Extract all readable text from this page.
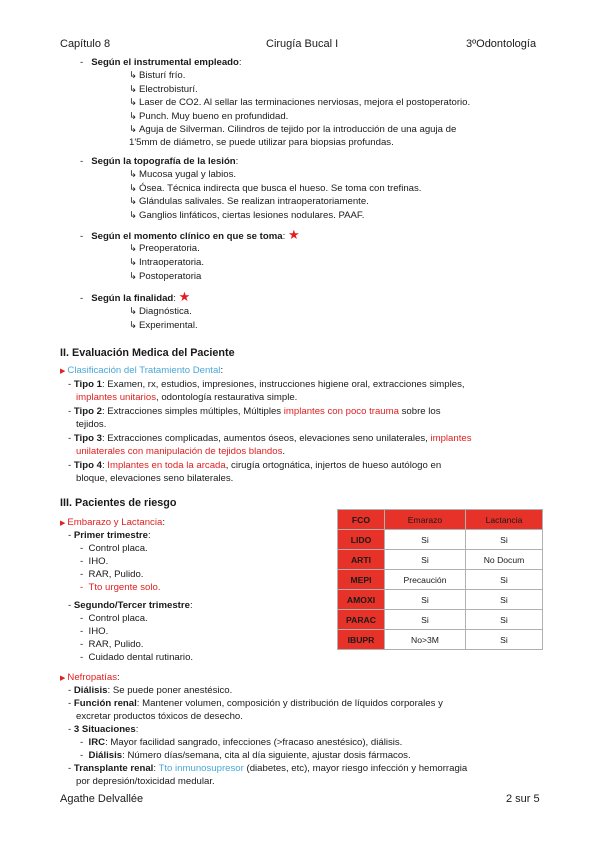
Capítulo 8	Cirugía Bucal I	3ºOdontología
-   Según el instrumental empleado:
↳ Bisturí frío.
↳ Electrobisturí.
↳ Laser de CO2. Al sellar las terminaciones nerviosas, mejora el postoperatorio.
↳ Punch. Muy bueno en profundidad.
↳ Aguja de Silverman. Cilindros de tejido por la introducción de una aguja de
1'5mm de diámetro, se puede utilizar para biopsias profundas.
-   Según la topografía de la lesión:
↳ Mucosa yugal y labios.
↳ Ósea. Técnica indirecta que busca el hueso. Se toma con trefinas.
↳ Glándulas salivales. Se realizan intraoperatoriamente.
↳ Ganglios linfáticos, ciertas lesiones nodulares. PAAF.
-   Según el momento clínico en que se toma: ★
↳ Preoperatoria.
↳ Intraoperatoria.
↳ Postoperatoria
-   Según la finalidad: ★
↳ Diagnóstica.
↳ Experimental.
II. Evaluación Medica del Paciente
▶ Clasificación del Tratamiento Dental:
- Tipo 1: Examen, rx, estudios, impresiones, instrucciones higiene oral, extracciones simples,
implantes unitarios, odontología restaurativa simple.
- Tipo 2: Extracciones simples múltiples, Múltiples implantes con poco trauma sobre los
tejidos.
- Tipo 3: Extracciones complicadas, aumentos óseos, elevaciones seno unilaterales, implantes
unilaterales con manipulación de tejidos blandos.
- Tipo 4: Implantes en toda la arcada, cirugía ortognática, injertos de hueso autólogo en
bloque, elevaciones seno bilaterales.
III. Pacientes de riesgo
▶ Embarazo y Lactancia:
- Primer trimestre:
-  Control placa.
-  IHO.
-  RAR, Pulido.
-  Tto urgente solo.
- Segundo/Tercer trimestre:
-  Control placa.
-  IHO.
-  RAR, Pulido.
-  Cuidado dental rutinario.
FCO	Emarazo	Lactancia
LIDO	Si	Si
ARTI	Si	No Docum
MEPI	Precaución	Si
AMOXI	Si	Si
PARAC	Si	Si
IBUPR	No>3M	Si
▶ Nefropatías:
- Diálisis: Se puede poner anestésico.
- Función renal: Mantener volumen, composición y distribución de líquidos corporales y
excretar productos tóxicos de desecho.
- 3 Situaciones:
-  IRC: Mayor facilidad sangrado, infecciones (>fracaso anestésico), diálisis.
-  Diálisis: Número días/semana, cita al día siguiente, ajustar dosis fármacos.
- Transplante renal: Tto inmunosupresor (diabetes, etc), mayor riesgo infección y hemorragia
por depresión/toxicidad medular.
Agathe Delvallée	2 sur 5
